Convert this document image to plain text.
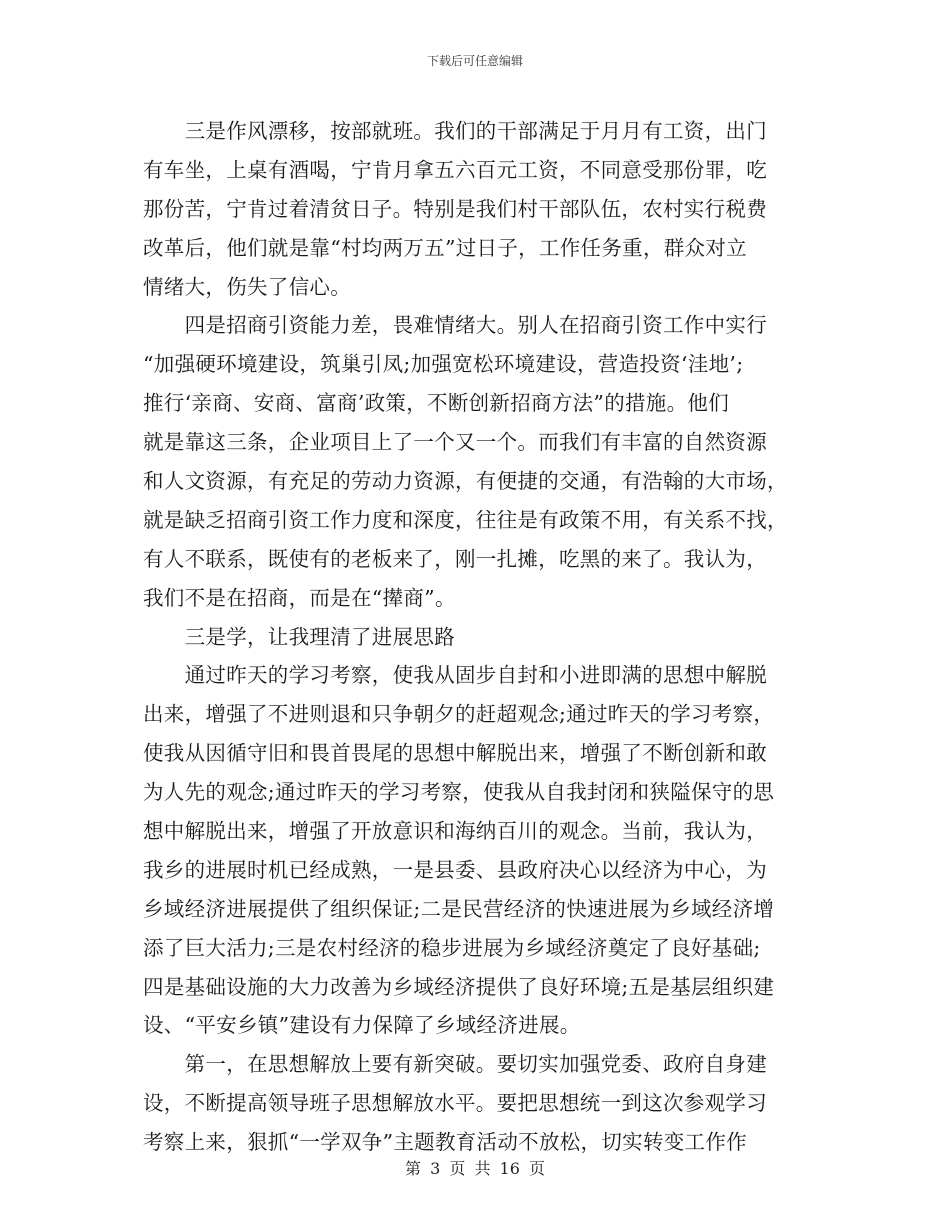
下载后可任意编辑
　　三是作风漂移，按部就班。我们的干部满足于月月有工资，出门
有车坐，上桌有酒喝，宁肯月拿五六百元工资，不同意受那份罪，吃
那份苦，宁肯过着清贫日子。特别是我们村干部队伍，农村实行税费
改革后，他们就是靠“村均两万五”过日子，工作任务重，群众对立
情绪大，伤失了信心。
　　四是招商引资能力差，畏难情绪大。别人在招商引资工作中实行
“加强硬环境建设，筑巢引凤;加强宽松环境建设，营造投资‘洼地’;
推行‘亲商、安商、富商’政策，不断创新招商方法”的措施。他们
就是靠这三条，企业项目上了一个又一个。而我们有丰富的自然资源
和人文资源，有充足的劳动力资源，有便捷的交通，有浩翰的大市场，
就是缺乏招商引资工作力度和深度，往往是有政策不用，有关系不找，
有人不联系，既使有的老板来了，刚一扎摊，吃黑的来了。我认为，
我们不是在招商，而是在“撵商”。
　　三是学，让我理清了进展思路
　　通过昨天的学习考察，使我从固步自封和小进即满的思想中解脱
出来，增强了不进则退和只争朝夕的赶超观念;通过昨天的学习考察，
使我从因循守旧和畏首畏尾的思想中解脱出来，增强了不断创新和敢
为人先的观念;通过昨天的学习考察，使我从自我封闭和狭隘保守的思
想中解脱出来，增强了开放意识和海纳百川的观念。当前，我认为，
我乡的进展时机已经成熟，一是县委、县政府决心以经济为中心，为
乡域经济进展提供了组织保证;二是民营经济的快速进展为乡域经济增
添了巨大活力;三是农村经济的稳步进展为乡域经济奠定了良好基础;
四是基础设施的大力改善为乡域经济提供了良好环境;五是基层组织建
设、“平安乡镇”建设有力保障了乡域经济进展。
　　第一，在思想解放上要有新突破。要切实加强党委、政府自身建
设，不断提高领导班子思想解放水平。要把思想统一到这次参观学习
考察上来，狠抓“一学双争”主题教育活动不放松，切实转变工作作
第 3 页 共 16 页
